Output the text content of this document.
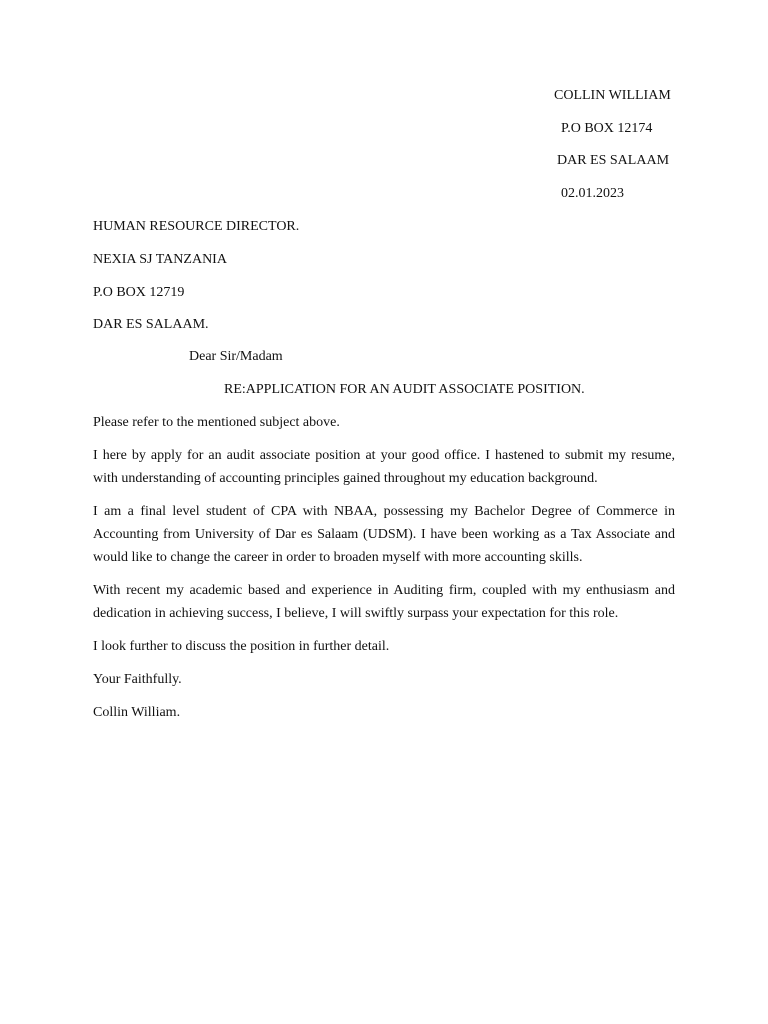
COLLIN WILLIAM
P.O BOX 12174
DAR ES SALAAM
02.01.2023
HUMAN RESOURCE DIRECTOR.
NEXIA SJ TANZANIA
P.O BOX 12719
DAR ES SALAAM.
Dear Sir/Madam
RE:APPLICATION FOR AN AUDIT ASSOCIATE POSITION.
Please refer to the mentioned subject above.
I here by apply for an audit associate position at your good office. I hastened to submit my resume, with understanding of accounting principles gained throughout my education background.
I am a final level student of CPA with NBAA, possessing my Bachelor Degree of Commerce in Accounting from University of Dar es Salaam (UDSM). I have been working as a Tax Associate and would like to change the career in order to broaden myself with more accounting skills.
With recent my academic based and experience in Auditing firm, coupled with my enthusiasm and dedication in achieving success, I believe, I will swiftly surpass your expectation for this role.
I look further to discuss the position in further detail.
Your Faithfully.
Collin William.
